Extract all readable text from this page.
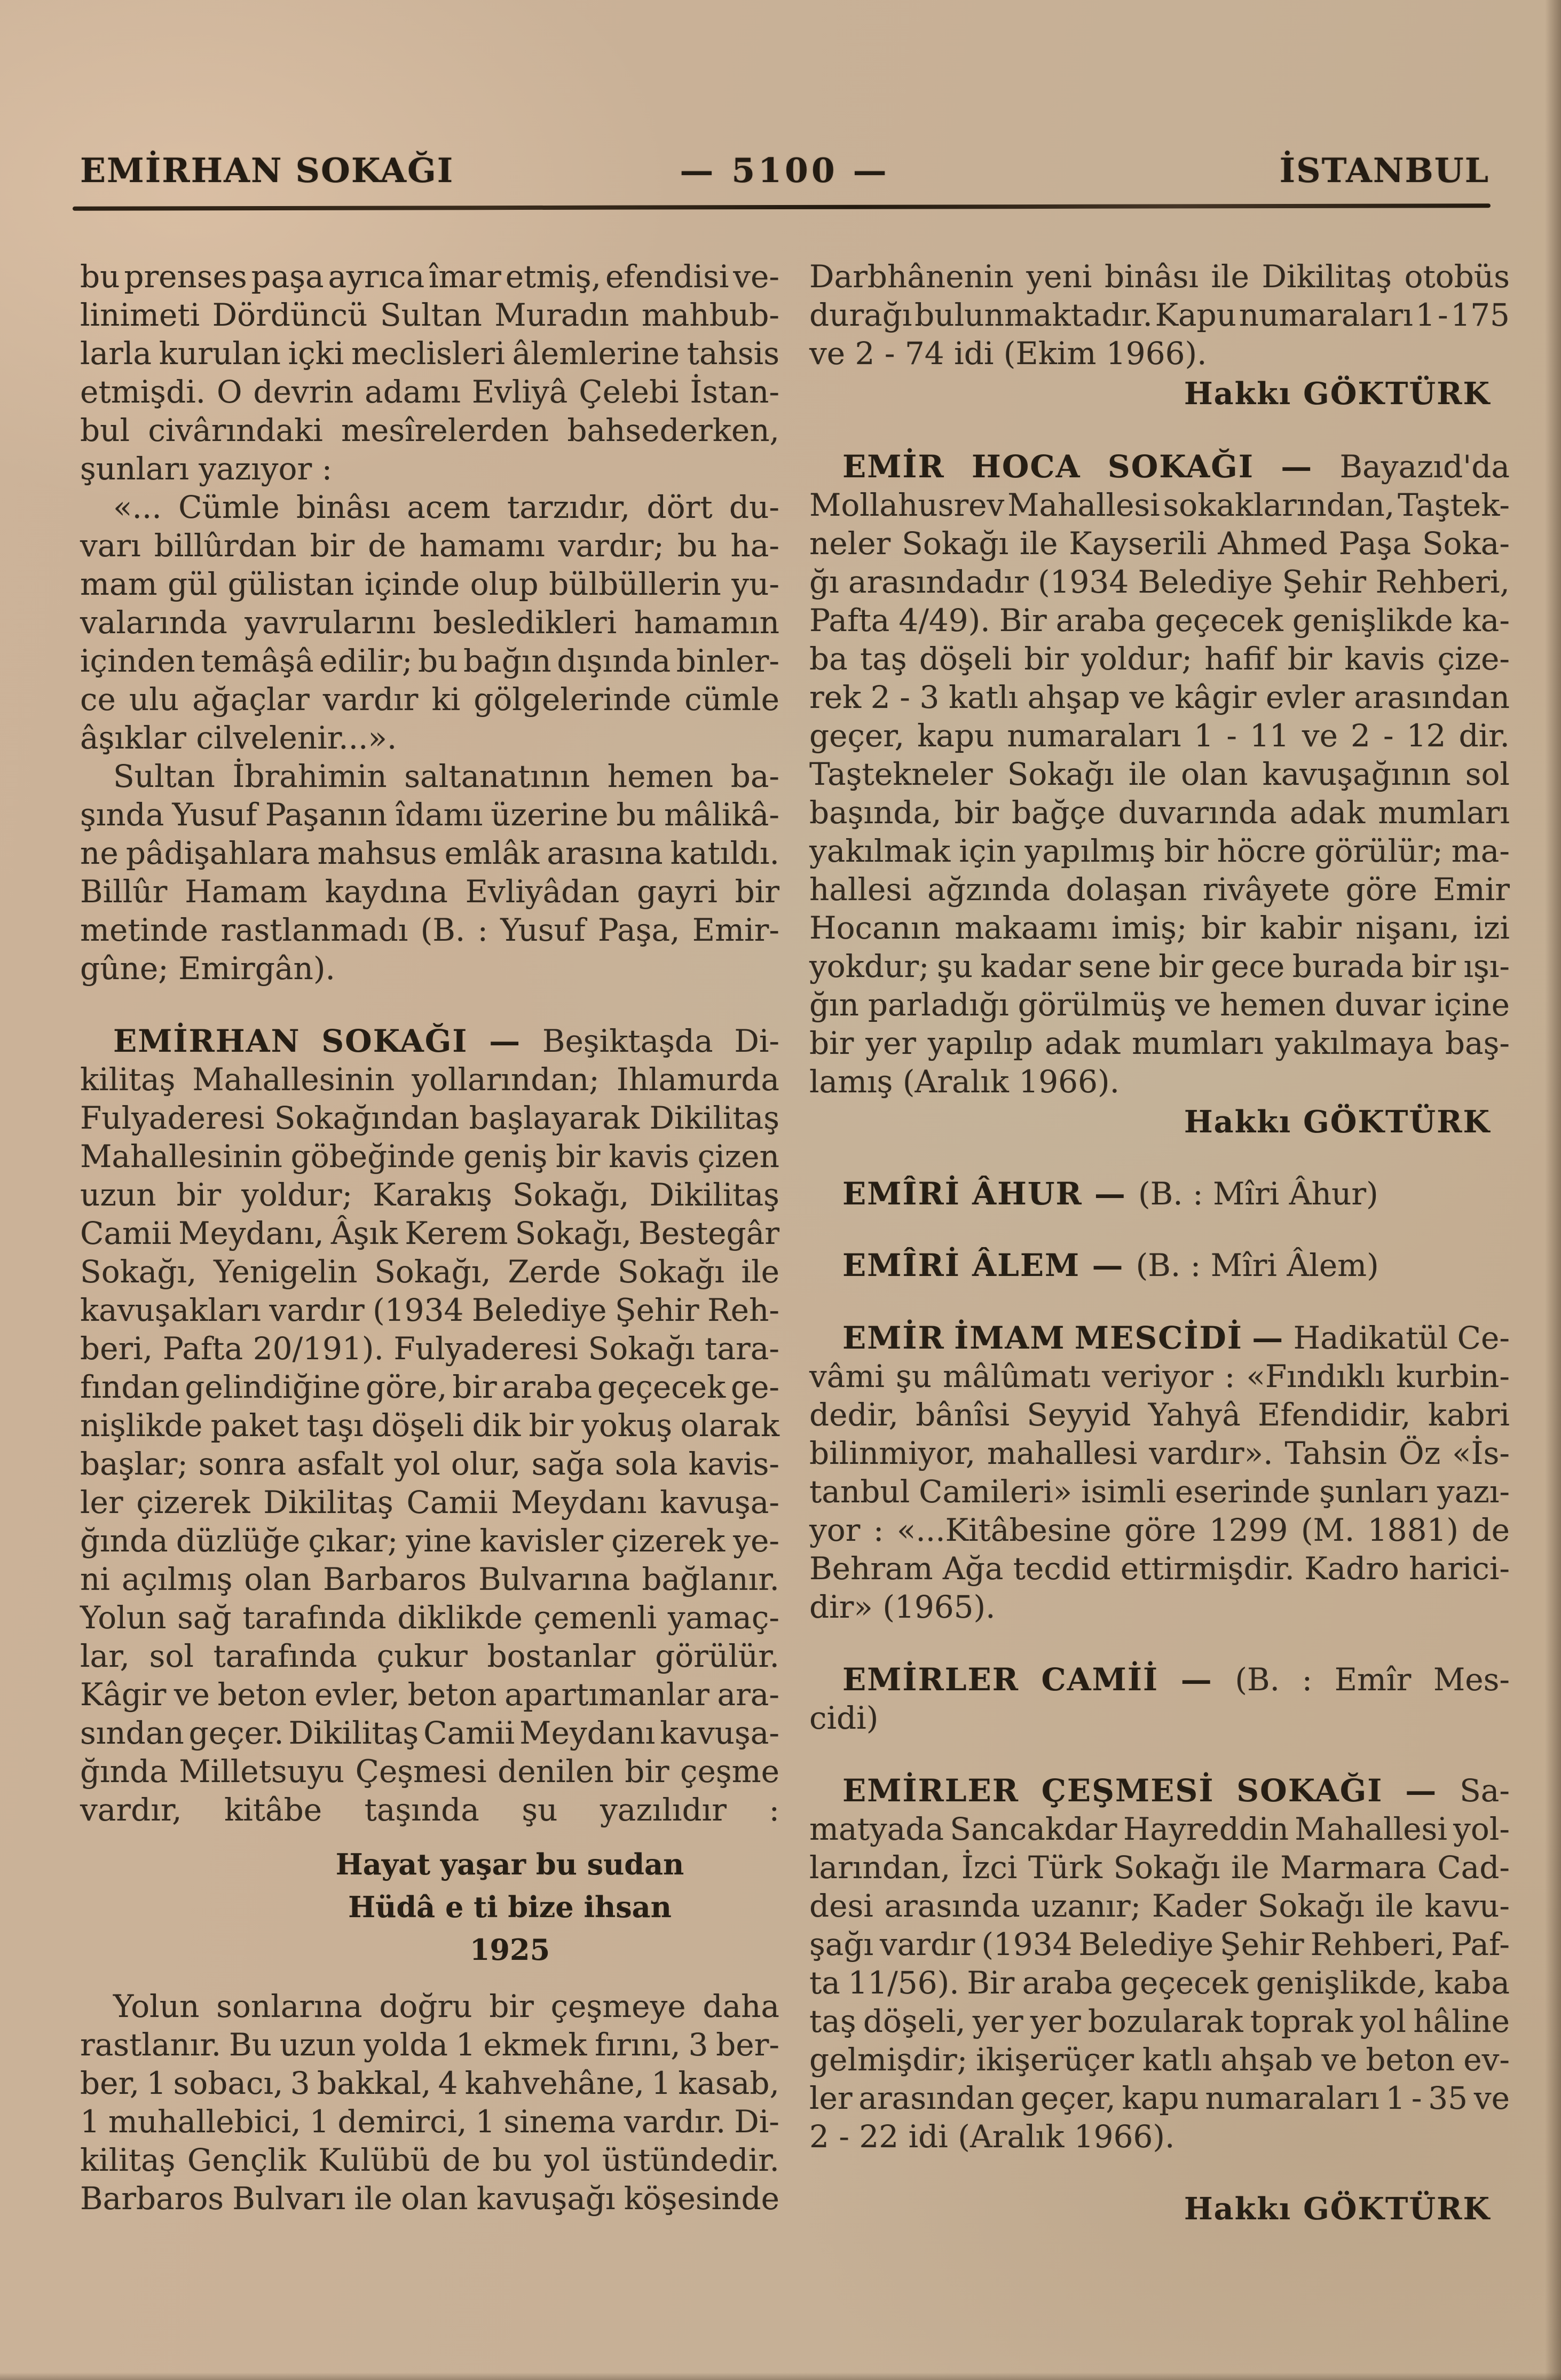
EMİRHAN SOKAĞI	— 5100 —	İSTANBUL
bu prenses paşa ayrıca îmar etmiş, efendisi ve-
linimeti Dördüncü Sultan Muradın mahbub-
larla kurulan içki meclisleri âlemlerine tahsis
etmişdi. O devrin adamı Evliyâ Çelebi İstan-
bul civârındaki mesîrelerden bahsederken,
şunları yazıyor :
«... Cümle binâsı acem tarzıdır, dört du-
varı billûrdan bir de hamamı vardır; bu ha-
mam gül gülistan içinde olup bülbüllerin yu-
valarında yavrularını besledikleri hamamın
içinden temâşâ edilir; bu bağın dışında binler-
ce ulu ağaçlar vardır ki gölgelerinde cümle
âşıklar cilvelenir...».
Sultan İbrahimin saltanatının hemen ba-
şında Yusuf Paşanın îdamı üzerine bu mâlikâ-
ne pâdişahlara mahsus emlâk arasına katıldı.
Billûr Hamam kaydına Evliyâdan gayri bir
metinde rastlanmadı (B. : Yusuf Paşa, Emir-
gûne; Emirgân).
EMİRHAN SOKAĞI — Beşiktaşda Di-
kilitaş Mahallesinin yollarından; Ihlamurda
Fulyaderesi Sokağından başlayarak Dikilitaş
Mahallesinin göbeğinde geniş bir kavis çizen
uzun bir yoldur; Karakış Sokağı, Dikilitaş
Camii Meydanı, Âşık Kerem Sokağı, Bestegâr
Sokağı, Yenigelin Sokağı, Zerde Sokağı ile
kavuşakları vardır (1934 Belediye Şehir Reh-
beri, Pafta 20/191). Fulyaderesi Sokağı tara-
fından gelindiğine göre, bir araba geçecek ge-
nişlikde paket taşı döşeli dik bir yokuş olarak
başlar; sonra asfalt yol olur, sağa sola kavis-
ler çizerek Dikilitaş Camii Meydanı kavuşa-
ğında düzlüğe çıkar; yine kavisler çizerek ye-
ni açılmış olan Barbaros Bulvarına bağlanır.
Yolun sağ tarafında diklikde çemenli yamaç-
lar, sol tarafında çukur bostanlar görülür.
Kâgir ve beton evler, beton apartımanlar ara-
sından geçer. Dikilitaş Camii Meydanı kavuşa-
ğında Milletsuyu Çeşmesi denilen bir çeşme
vardır, kitâbe taşında şu yazılıdır :
Hayat yaşar bu sudan
Hüdâ e ti bize ihsan
1925
Yolun sonlarına doğru bir çeşmeye daha
rastlanır. Bu uzun yolda 1 ekmek fırını, 3 ber-
ber, 1 sobacı, 3 bakkal, 4 kahvehâne, 1 kasab,
1 muhallebici, 1 demirci, 1 sinema vardır. Di-
kilitaş Gençlik Kulübü de bu yol üstündedir.
Barbaros Bulvarı ile olan kavuşağı köşesinde
Darbhânenin yeni binâsı ile Dikilitaş otobüs
durağı bulunmaktadır. Kapu numaraları 1 - 175
ve 2 - 74 idi (Ekim 1966).
Hakkı GÖKTÜRK
EMİR HOCA SOKAĞI — Bayazıd'da
Mollahusrev Mahallesi sokaklarından, Taştek-
neler Sokağı ile Kayserili Ahmed Paşa Soka-
ğı arasındadır (1934 Belediye Şehir Rehberi,
Pafta 4/49). Bir araba geçecek genişlikde ka-
ba taş döşeli bir yoldur; hafif bir kavis çize-
rek 2 - 3 katlı ahşap ve kâgir evler arasından
geçer, kapu numaraları 1 - 11 ve 2 - 12 dir.
Taştekneler Sokağı ile olan kavuşağının sol
başında, bir bağçe duvarında adak mumları
yakılmak için yapılmış bir höcre görülür; ma-
hallesi ağzında dolaşan rivâyete göre Emir
Hocanın makaamı imiş; bir kabir nişanı, izi
yokdur; şu kadar sene bir gece burada bir ışı-
ğın parladığı görülmüş ve hemen duvar içine
bir yer yapılıp adak mumları yakılmaya baş-
lamış (Aralık 1966).
Hakkı GÖKTÜRK
EMÎRİ ÂHUR — (B. : Mîri Âhur)
EMÎRİ ÂLEM — (B. : Mîri Âlem)
EMİR İMAM MESCİDİ — Hadikatül Ce-
vâmi şu mâlûmatı veriyor : «Fındıklı kurbin-
dedir, bânîsi Seyyid Yahyâ Efendidir, kabri
bilinmiyor, mahallesi vardır». Tahsin Öz «İs-
tanbul Camileri» isimli eserinde şunları yazı-
yor : «...Kitâbesine göre 1299 (M. 1881) de
Behram Ağa tecdid ettirmişdir. Kadro harici-
dir» (1965).
EMİRLER CAMİİ — (B. : Emîr Mes-
cidi)
EMİRLER ÇEŞMESİ SOKAĞI — Sa-
matyada Sancakdar Hayreddin Mahallesi yol-
larından, İzci Türk Sokağı ile Marmara Cad-
desi arasında uzanır; Kader Sokağı ile kavu-
şağı vardır (1934 Belediye Şehir Rehberi, Paf-
ta 11/56). Bir araba geçecek genişlikde, kaba
taş döşeli, yer yer bozularak toprak yol hâline
gelmişdir; ikişerüçer katlı ahşab ve beton ev-
ler arasından geçer, kapu numaraları 1 - 35 ve
2 - 22 idi (Aralık 1966).
Hakkı GÖKTÜRK
